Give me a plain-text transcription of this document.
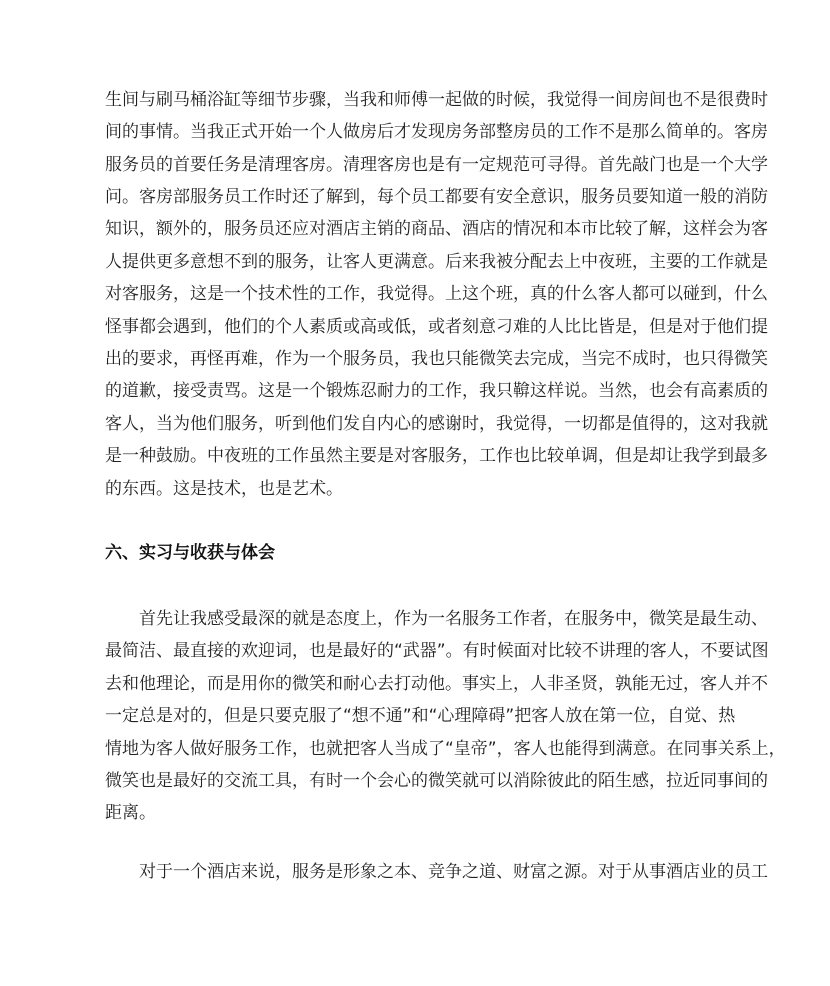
生间与刷马桶浴缸等细节步骤，当我和师傅一起做的时候，我觉得一间房间也不是很费时
间的事情。当我正式开始一个人做房后才发现房务部整房员的工作不是那么简单的。客房
服务员的首要任务是清理客房。清理客房也是有一定规范可寻得。首先敲门也是一个大学
问。客房部服务员工作时还了解到，每个员工都要有安全意识，服务员要知道一般的消防
知识，额外的，服务员还应对酒店主销的商品、酒店的情况和本市比较了解，这样会为客
人提供更多意想不到的服务，让客人更满意。后来我被分配去上中夜班，主要的工作就是
对客服务，这是一个技术性的工作，我觉得。上这个班，真的什么客人都可以碰到，什么
怪事都会遇到，他们的个人素质或高或低，或者刻意刁难的人比比皆是，但是对于他们提
出的要求，再怪再难，作为一个服务员，我也只能微笑去完成，当完不成时，也只得微笑
的道歉，接受责骂。这是一个锻炼忍耐力的工作，我只鞥这样说。当然，也会有高素质的
客人，当为他们服务，听到他们发自内心的感谢时，我觉得，一切都是值得的，这对我就
是一种鼓励。中夜班的工作虽然主要是对客服务，工作也比较单调，但是却让我学到最多
的东西。这是技术，也是艺术。
六、实习与收获与体会
首先让我感受最深的就是态度上，作为一名服务工作者，在服务中，微笑是最生动、
最简洁、最直接的欢迎词，也是最好的“武器”。有时候面对比较不讲理的客人，不要试图
去和他理论，而是用你的微笑和耐心去打动他。事实上，人非圣贤，孰能无过，客人并不
一定总是对的，但是只要克服了“想不通”和“心理障碍”把客人放在第一位，自觉、热
情地为客人做好服务工作，也就把客人当成了“皇帝”，客人也能得到满意。在同事关系上，
微笑也是最好的交流工具，有时一个会心的微笑就可以消除彼此的陌生感，拉近同事间的
距离。
对于一个酒店来说，服务是形象之本、竞争之道、财富之源。对于从事酒店业的员工
